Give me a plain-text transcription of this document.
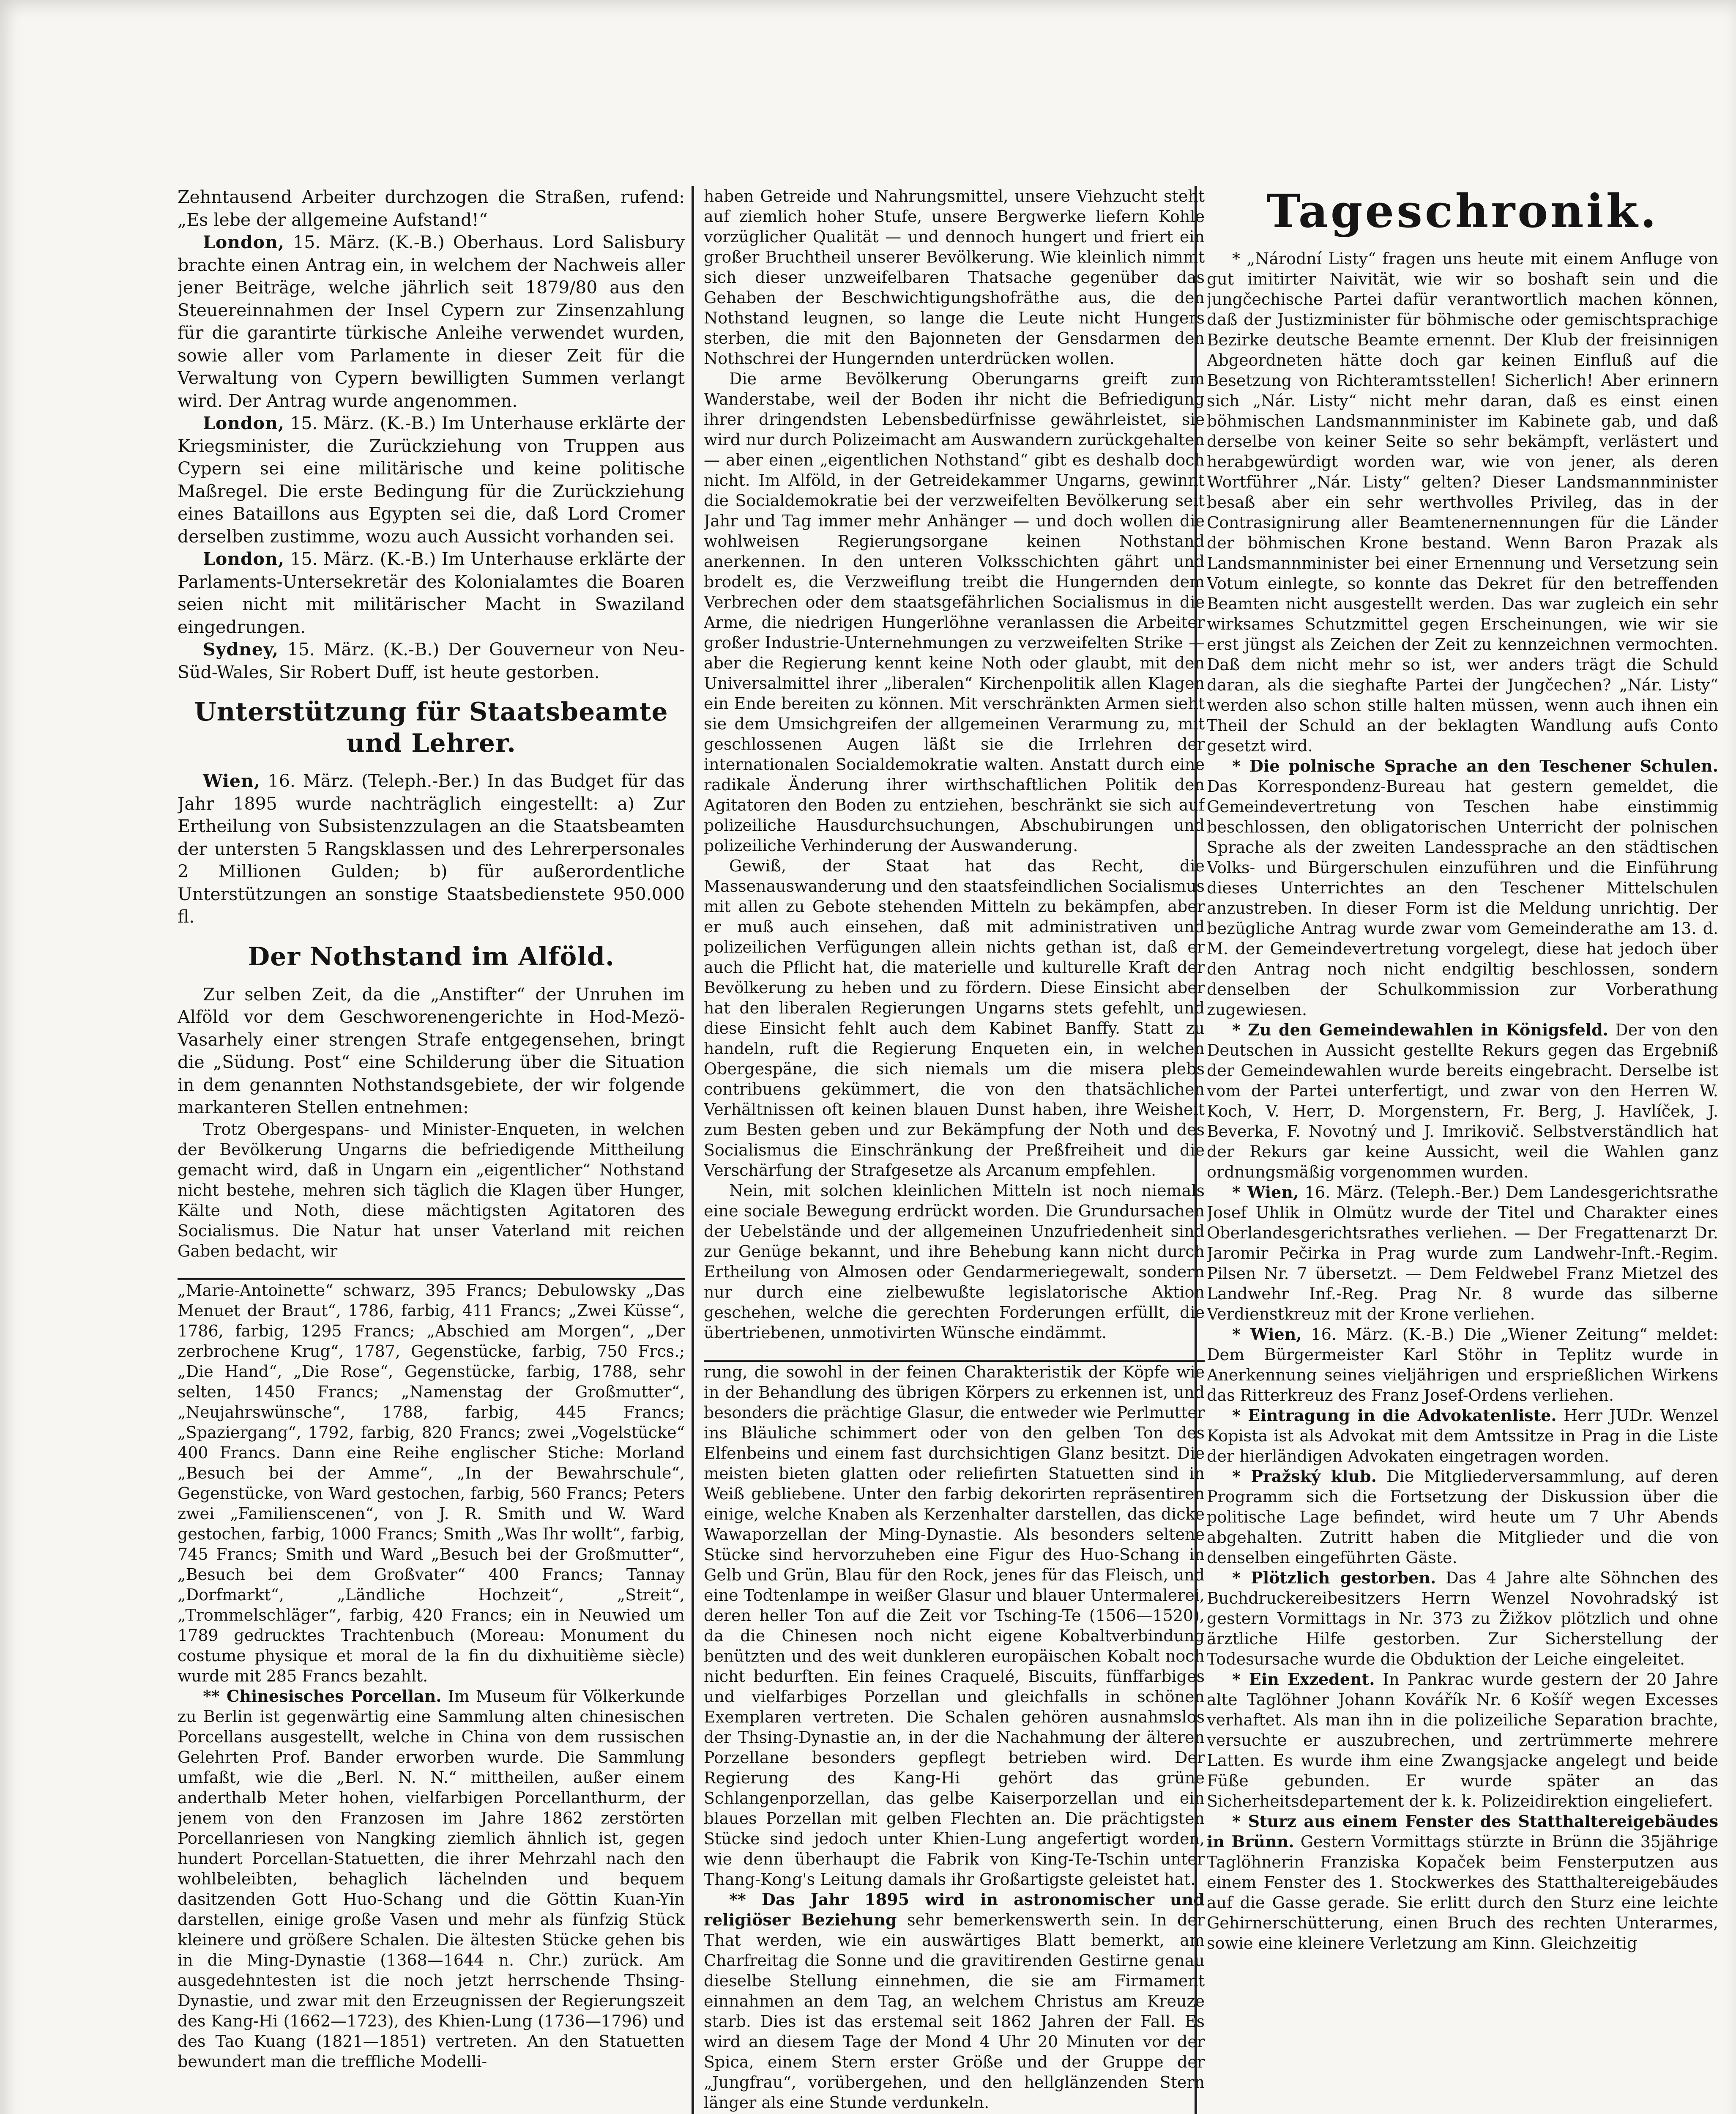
Zehntausend Arbeiter durchzogen die Straßen, rufend: „Es lebe der allgemeine Aufstand!“

London, 15. März. (K.-B.) Oberhaus. Lord Salisbury brachte einen Antrag ein, in welchem der Nachweis aller jener Beiträge, welche jährlich seit 1879/80 aus den Steuereinnahmen der Insel Cypern zur Zinsenzahlung für die garantirte türkische Anleihe verwendet wurden, sowie aller vom Parlamente in dieser Zeit für die Verwaltung von Cypern bewilligten Summen verlangt wird. Der Antrag wurde angenommen.

London, 15. März. (K.-B.) Im Unterhause erklärte der Kriegsminister, die Zurückziehung von Truppen aus Cypern sei eine militärische und keine politische Maßregel. Die erste Bedingung für die Zurückziehung eines Bataillons aus Egypten sei die, daß Lord Cromer derselben zustimme, wozu auch Aussicht vorhanden sei.

London, 15. März. (K.-B.) Im Unterhause erklärte der Parlaments-Untersekretär des Kolonialamtes die Boaren seien nicht mit militärischer Macht in Swaziland eingedrungen.

Sydney, 15. März. (K.-B.) Der Gouverneur von Neu-Süd-Wales, Sir Robert Duff, ist heute gestorben.

Unterstützung für Staatsbeamte und Lehrer.

Wien, 16. März. (Teleph.-Ber.) In das Budget für das Jahr 1895 wurde nachträglich eingestellt: a) Zur Ertheilung von Subsistenzzulagen an die Staatsbeamten der untersten 5 Rangsklassen und des Lehrerpersonales 2 Millionen Gulden; b) für außerordentliche Unterstützungen an sonstige Staatsbedienstete 950.000 fl.

Der Nothstand im Alföld.

Zur selben Zeit, da die „Anstifter“ der Unruhen im Alföld vor dem Geschworenengerichte in Hod-Mezö-Vasarhely einer strengen Strafe entgegensehen, bringt die „Südung. Post“ eine Schilderung über die Situation in dem genannten Nothstandsgebiete, der wir folgende markanteren Stellen entnehmen:

Trotz Obergespans- und Minister-Enqueten, in welchen der Bevölkerung Ungarns die befriedigende Mittheilung gemacht wird, daß in Ungarn ein „eigentlicher“ Nothstand nicht bestehe, mehren sich täglich die Klagen über Hunger, Kälte und Noth, diese mächtigsten Agitatoren des Socialismus. Die Natur hat unser Vaterland mit reichen Gaben bedacht, wir

„Marie-Antoinette“ schwarz, 395 Francs; Debulowsky „Das Menuet der Braut“, 1786, farbig, 411 Francs; „Zwei Küsse“, 1786, farbig, 1295 Francs; „Abschied am Morgen“, „Der zerbrochene Krug“, 1787, Gegenstücke, farbig, 750 Frcs.; „Die Hand“, „Die Rose“, Gegenstücke, farbig, 1788, sehr selten, 1450 Francs; „Namenstag der Großmutter“, „Neujahrswünsche“, 1788, farbig, 445 Francs; „Spaziergang“, 1792, farbig, 820 Francs; zwei „Vogelstücke“ 400 Francs. Dann eine Reihe englischer Stiche: Morland „Besuch bei der Amme“, „In der Bewahrschule“, Gegenstücke, von Ward gestochen, farbig, 560 Francs; Peters zwei „Familienscenen“, von J. R. Smith und W. Ward gestochen, farbig, 1000 Francs; Smith „Was Ihr wollt“, farbig, 745 Francs; Smith und Ward „Besuch bei der Großmutter“, „Besuch bei dem Großvater“ 400 Francs; Tannay „Dorfmarkt“, „Ländliche Hochzeit“, „Streit“, „Trommelschläger“, farbig, 420 Francs; ein in Neuwied um 1789 gedrucktes Trachtenbuch (Moreau: Monument du costume physique et moral de la fin du dixhuitième siècle) wurde mit 285 Francs bezahlt.

** Chinesisches Porcellan. Im Museum für Völkerkunde zu Berlin ist gegenwärtig eine Sammlung alten chinesischen Porcellans ausgestellt, welche in China von dem russischen Gelehrten Prof. Bander erworben wurde. Die Sammlung umfaßt, wie die „Berl. N. N.“ mittheilen, außer einem anderthalb Meter hohen, vielfarbigen Porcellanthurm, der jenem von den Franzosen im Jahre 1862 zerstörten Porcellanriesen von Nangking ziemlich ähnlich ist, gegen hundert Porcellan-Statuetten, die ihrer Mehrzahl nach den wohlbeleibten, behaglich lächelnden und bequem dasitzenden Gott Huo-Schang und die Göttin Kuan-Yin darstellen, einige große Vasen und mehr als fünfzig Stück kleinere und größere Schalen. Die ältesten Stücke gehen bis in die Ming-Dynastie (1368—1644 n. Chr.) zurück. Am ausgedehntesten ist die noch jetzt herrschende Thsing-Dynastie, und zwar mit den Erzeugnissen der Regierungszeit des Kang-Hi (1662—1723), des Khien-Lung (1736—1796) und des Tao Kuang (1821—1851) vertreten. An den Statuetten bewundert man die treffliche Modelli-

haben Getreide und Nahrungsmittel, unsere Viehzucht steht auf ziemlich hoher Stufe, unsere Bergwerke liefern Kohle vorzüglicher Qualität — und dennoch hungert und friert ein großer Bruchtheil unserer Bevölkerung. Wie kleinlich nimmt sich dieser unzweifelbaren Thatsache gegenüber das Gehaben der Beschwichtigungshofräthe aus, die den Nothstand leugnen, so lange die Leute nicht Hungers sterben, die mit den Bajonneten der Gensdarmen den Nothschrei der Hungernden unterdrücken wollen.

Die arme Bevölkerung Oberungarns greift zum Wanderstabe, weil der Boden ihr nicht die Befriedigung ihrer dringendsten Lebensbedürfnisse gewährleistet, sie wird nur durch Polizeimacht am Auswandern zurückgehalten — aber einen „eigentlichen Nothstand“ gibt es deshalb doch nicht. Im Alföld, in der Getreidekammer Ungarns, gewinnt die Socialdemokratie bei der verzweifelten Bevölkerung seit Jahr und Tag immer mehr Anhänger — und doch wollen die wohlweisen Regierungsorgane keinen Nothstand anerkennen. In den unteren Volksschichten gährt und brodelt es, die Verzweiflung treibt die Hungernden dem Verbrechen oder dem staatsgefährlichen Socialismus in die Arme, die niedrigen Hungerlöhne veranlassen die Arbeiter großer Industrie-Unternehmungen zu verzweifelten Strike — aber die Regierung kennt keine Noth oder glaubt, mit den Universalmittel ihrer „liberalen“ Kirchenpolitik allen Klagen ein Ende bereiten zu können. Mit verschränkten Armen sieht sie dem Umsichgreifen der allgemeinen Verarmung zu, mit geschlossenen Augen läßt sie die Irrlehren der internationalen Socialdemokratie walten. Anstatt durch eine radikale Änderung ihrer wirthschaftlichen Politik den Agitatoren den Boden zu entziehen, beschränkt sie sich auf polizeiliche Hausdurchsuchungen, Abschubirungen und polizeiliche Verhinderung der Auswanderung.

Gewiß, der Staat hat das Recht, die Massenauswanderung und den staatsfeindlichen Socialismus mit allen zu Gebote stehenden Mitteln zu bekämpfen, aber er muß auch einsehen, daß mit administrativen und polizeilichen Verfügungen allein nichts gethan ist, daß er auch die Pflicht hat, die materielle und kulturelle Kraft der Bevölkerung zu heben und zu fördern. Diese Einsicht aber hat den liberalen Regierungen Ungarns stets gefehlt, und diese Einsicht fehlt auch dem Kabinet Banffy. Statt zu handeln, ruft die Regierung Enqueten ein, in welchen Obergespäne, die sich niemals um die misera plebs contribuens gekümmert, die von den thatsächlichen Verhältnissen oft keinen blauen Dunst haben, ihre Weisheit zum Besten geben und zur Bekämpfung der Noth und des Socialismus die Einschränkung der Preßfreiheit und die Verschärfung der Strafgesetze als Arcanum empfehlen.

Nein, mit solchen kleinlichen Mitteln ist noch niemals eine sociale Bewegung erdrückt worden. Die Grundursachen der Uebelstände und der allgemeinen Unzufriedenheit sind zur Genüge bekannt, und ihre Behebung kann nicht durch Ertheilung von Almosen oder Gendarmeriegewalt, sondern nur durch eine zielbewußte legislatorische Aktion geschehen, welche die gerechten Forderungen erfüllt, die übertriebenen, unmotivirten Wünsche eindämmt.

rung, die sowohl in der feinen Charakteristik der Köpfe wie in der Behandlung des übrigen Körpers zu erkennen ist, und besonders die prächtige Glasur, die entweder wie Perlmutter ins Bläuliche schimmert oder von den gelben Ton des Elfenbeins und einem fast durchsichtigen Glanz besitzt. Die meisten bieten glatten oder reliefirten Statuetten sind in Weiß gebliebene. Unter den farbig dekorirten repräsentiren einige, welche Knaben als Kerzenhalter darstellen, das dicke Wawaporzellan der Ming-Dynastie. Als besonders seltene Stücke sind hervorzuheben eine Figur des Huo-Schang in Gelb und Grün, Blau für den Rock, jenes für das Fleisch, und eine Todtenlampe in weißer Glasur und blauer Untermalerei, deren heller Ton auf die Zeit vor Tsching-Te (1506—1520), da die Chinesen noch nicht eigene Kobaltverbindung benützten und des weit dunkleren europäischen Kobalt noch nicht bedurften. Ein feines Craquelé, Biscuits, fünffarbiges und vielfarbiges Porzellan und gleichfalls in schönen Exemplaren vertreten. Die Schalen gehören ausnahmslos der Thsing-Dynastie an, in der die Nachahmung der älteren Porzellane besonders gepflegt betrieben wird. Der Regierung des Kang-Hi gehört das grüne Schlangenporzellan, das gelbe Kaiserporzellan und ein blaues Porzellan mit gelben Flechten an. Die prächtigsten Stücke sind jedoch unter Khien-Lung angefertigt worden, wie denn überhaupt die Fabrik von King-Te-Tschin unter Thang-Kong's Leitung damals ihr Großartigste geleistet hat.

** Das Jahr 1895 wird in astronomischer und religiöser Beziehung sehr bemerkenswerth sein. In der That werden, wie ein auswärtiges Blatt bemerkt, am Charfreitag die Sonne und die gravitirenden Gestirne genau dieselbe Stellung einnehmen, die sie am Firmament einnahmen an dem Tag, an welchem Christus am Kreuze starb. Dies ist das erstemal seit 1862 Jahren der Fall. Es wird an diesem Tage der Mond 4 Uhr 20 Minuten vor der Spica, einem Stern erster Größe und der Gruppe der „Jungfrau“, vorübergehen, und den hellglänzenden Stern länger als eine Stunde verdunkeln.

Tageschronik.

* „Národní Listy“ fragen uns heute mit einem Anfluge von gut imitirter Naivität, wie wir so boshaft sein und die jungčechische Partei dafür verantwortlich machen können, daß der Justizminister für böhmische oder gemischtsprachige Bezirke deutsche Beamte ernennt. Der Klub der freisinnigen Abgeordneten hätte doch gar keinen Einfluß auf die Besetzung von Richteramtsstellen! Sicherlich! Aber erinnern sich „Nár. Listy“ nicht mehr daran, daß es einst einen böhmischen Landsmannminister im Kabinete gab, und daß derselbe von keiner Seite so sehr bekämpft, verlästert und herabgewürdigt worden war, wie von jener, als deren Wortführer „Nár. Listy“ gelten? Dieser Landsmannminister besaß aber ein sehr werthvolles Privileg, das in der Contrasignirung aller Beamtenernennungen für die Länder der böhmischen Krone bestand. Wenn Baron Prazak als Landsmannminister bei einer Ernennung und Versetzung sein Votum einlegte, so konnte das Dekret für den betreffenden Beamten nicht ausgestellt werden. Das war zugleich ein sehr wirksames Schutzmittel gegen Erscheinungen, wie wir sie erst jüngst als Zeichen der Zeit zu kennzeichnen vermochten. Daß dem nicht mehr so ist, wer anders trägt die Schuld daran, als die sieghafte Partei der Jungčechen? „Nár. Listy“ werden also schon stille halten müssen, wenn auch ihnen ein Theil der Schuld an der beklagten Wandlung aufs Conto gesetzt wird.

* Die polnische Sprache an den Teschener Schulen. Das Korrespondenz-Bureau hat gestern gemeldet, die Gemeindevertretung von Teschen habe einstimmig beschlossen, den obligatorischen Unterricht der polnischen Sprache als der zweiten Landessprache an den städtischen Volks- und Bürgerschulen einzuführen und die Einführung dieses Unterrichtes an den Teschener Mittelschulen anzustreben. In dieser Form ist die Meldung unrichtig. Der bezügliche Antrag wurde zwar vom Gemeinderathe am 13. d. M. der Gemeindevertretung vorgelegt, diese hat jedoch über den Antrag noch nicht endgiltig beschlossen, sondern denselben der Schulkommission zur Vorberathung zugewiesen.

* Zu den Gemeindewahlen in Königsfeld. Der von den Deutschen in Aussicht gestellte Rekurs gegen das Ergebniß der Gemeindewahlen wurde bereits eingebracht. Derselbe ist vom der Partei unterfertigt, und zwar von den Herren W. Koch, V. Herr, D. Morgenstern, Fr. Berg, J. Havlíček, J. Beverka, F. Novotný und J. Imrikovič. Selbstverständlich hat der Rekurs gar keine Aussicht, weil die Wahlen ganz ordnungsmäßig vorgenommen wurden.

* Wien, 16. März. (Teleph.-Ber.) Dem Landesgerichtsrathe Josef Uhlik in Olmütz wurde der Titel und Charakter eines Oberlandesgerichtsrathes verliehen. — Der Fregattenarzt Dr. Jaromir Pečirka in Prag wurde zum Landwehr-Inft.-Regim. Pilsen Nr. 7 übersetzt. — Dem Feldwebel Franz Mietzel des Landwehr Inf.-Reg. Prag Nr. 8 wurde das silberne Verdienstkreuz mit der Krone verliehen.

* Wien, 16. März. (K.-B.) Die „Wiener Zeitung“ meldet: Dem Bürgermeister Karl Stöhr in Teplitz wurde in Anerkennung seines vieljährigen und ersprießlichen Wirkens das Ritterkreuz des Franz Josef-Ordens verliehen.

* Eintragung in die Advokatenliste. Herr JUDr. Wenzel Kopista ist als Advokat mit dem Amtssitze in Prag in die Liste der hierländigen Advokaten eingetragen worden.

* Pražský klub. Die Mitgliederversammlung, auf deren Programm sich die Fortsetzung der Diskussion über die politische Lage befindet, wird heute um 7 Uhr Abends abgehalten. Zutritt haben die Mitglieder und die von denselben eingeführten Gäste.

* Plötzlich gestorben. Das 4 Jahre alte Söhnchen des Buchdruckereibesitzers Herrn Wenzel Novohradský ist gestern Vormittags in Nr. 373 zu Žižkov plötzlich und ohne ärztliche Hilfe gestorben. Zur Sicherstellung der Todesursache wurde die Obduktion der Leiche eingeleitet.

* Ein Exzedent. In Pankrac wurde gestern der 20 Jahre alte Taglöhner Johann Kovářík Nr. 6 Košíř wegen Excesses verhaftet. Als man ihn in die polizeiliche Separation brachte, versuchte er auszubrechen, und zertrümmerte mehrere Latten. Es wurde ihm eine Zwangsjacke angelegt und beide Füße gebunden. Er wurde später an das Sicherheitsdepartement der k. k. Polizeidirektion eingeliefert.

* Sturz aus einem Fenster des Statthaltereigebäudes in Brünn. Gestern Vormittags stürzte in Brünn die 35jährige Taglöhnerin Franziska Kopaček beim Fensterputzen aus einem Fenster des 1. Stockwerkes des Statthaltereigebäudes auf die Gasse gerade. Sie erlitt durch den Sturz eine leichte Gehirnerschütterung, einen Bruch des rechten Unterarmes, sowie eine kleinere Verletzung am Kinn. Gleichzeitig
